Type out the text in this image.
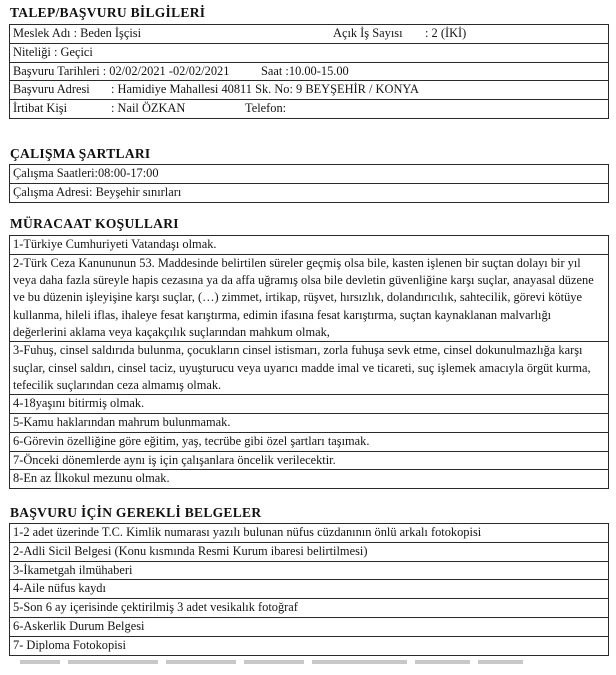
TALEP/BAŞVURU BİLGİLERİ
Meslek Adı : Beden İşçisi	Açık İş Sayısı : 2 (İKİ)
Niteliği : Geçici
Başvuru Tarihleri : 02/02/2021 -02/02/2021	Saat :10.00-15.00
Başvuru Adresi : Hamidiye Mahallesi 40811 Sk. No: 9 BEYŞEHİR / KONYA
İrtibat Kişi	: Nail ÖZKAN	Telefon:
ÇALIŞMA ŞARTLARI
Çalışma Saatleri:08:00-17:00
Çalışma Adresi: Beyşehir sınırları
MÜRACAAT KOŞULLARI
1-Türkiye Cumhuriyeti Vatandaşı olmak.
2-Türk Ceza Kanununun 53. Maddesinde belirtilen süreler geçmiş olsa bile, kasten işlenen bir suçtan dolayı bir yıl veya daha fazla süreyle hapis cezasına ya da affa uğramış olsa bile devletin güvenliğine karşı suçlar, anayasal düzene ve bu düzenin işleyişine karşı suçlar, (…) zimmet, irtikap, rüşvet, hırsızlık, dolandırıcılık, sahtecilik, görevi kötüye kullanma, hileli iflas, ihaleye fesat karıştırma, edimin ifasına fesat karıştırma, suçtan kaynaklanan malvarlığı değerlerini aklama veya kaçakçılık suçlarından mahkum olmak,
3-Fuhuş, cinsel saldırıda bulunma, çocukların cinsel istismarı, zorla fuhuşa sevk etme, cinsel dokunulmazlığa karşı suçlar, cinsel saldırı, cinsel taciz, uyuşturucu veya uyarıcı madde imal ve ticareti, suç işlemek amacıyla örgüt kurma, tefecilik suçlarından ceza almamış olmak.
4-18yaşını bitirmiş olmak.
5-Kamu haklarından mahrum bulunmamak.
6-Görevin özelliğine göre eğitim, yaş, tecrübe gibi özel şartları taşımak.
7-Önceki dönemlerde aynı iş için çalışanlara öncelik verilecektir.
8-En az İlkokul mezunu olmak.
BAŞVURU İÇİN GEREKLİ BELGELER
1-2 adet üzerinde T.C. Kimlik numarası yazılı bulunan nüfus cüzdanının önlü arkalı fotokopisi
2-Adli Sicil Belgesi (Konu kısmında Resmi Kurum ibaresi belirtilmesi)
3-İkametgah ilmühaberi
4-Aile nüfus kaydı
5-Son 6 ay içerisinde çektirilmiş 3 adet vesikalık fotoğraf
6-Askerlik Durum Belgesi
7- Diploma Fotokopisi
